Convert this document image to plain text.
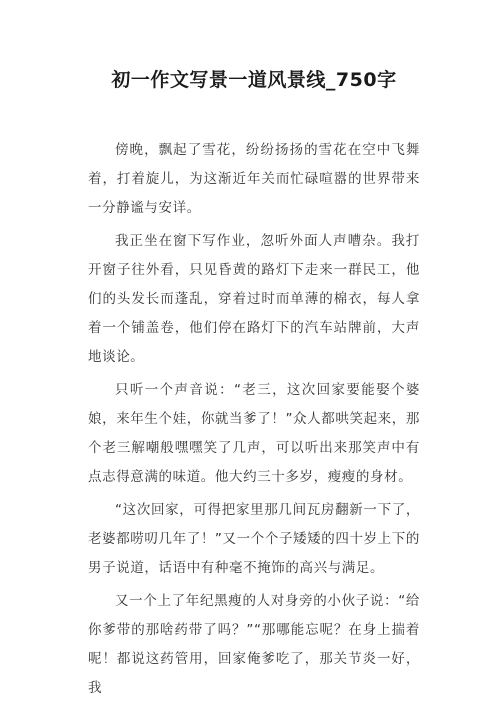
初一作文写景一道风景线_750字

傍晚，飘起了雪花，纷纷扬扬的雪花在空中飞舞着，打着旋儿，为这渐近年关而忙碌喧嚣的世界带来一分静谧与安详。

我正坐在窗下写作业，忽听外面人声嘈杂。我打开窗子往外看，只见昏黄的路灯下走来一群民工，他们的头发长而蓬乱，穿着过时而单薄的棉衣，每人拿着一个铺盖卷，他们停在路灯下的汽车站牌前，大声地谈论。

只听一个声音说：“老三，这次回家要能娶个婆娘，来年生个娃，你就当爹了！”众人都哄笑起来，那个老三解嘲般嘿嘿笑了几声，可以听出来那笑声中有点志得意满的味道。他大约三十多岁，瘦瘦的身材。

“这次回家，可得把家里那几间瓦房翻新一下了，老婆都唠叨几年了！”又一个个子矮矮的四十岁上下的男子说道，话语中有种毫不掩饰的高兴与满足。

又一个上了年纪黑瘦的人对身旁的小伙子说：“给你爹带的那啥药带了吗？”“那哪能忘呢？在身上揣着呢！都说这药管用，回家俺爹吃了，那关节炎一好，我
